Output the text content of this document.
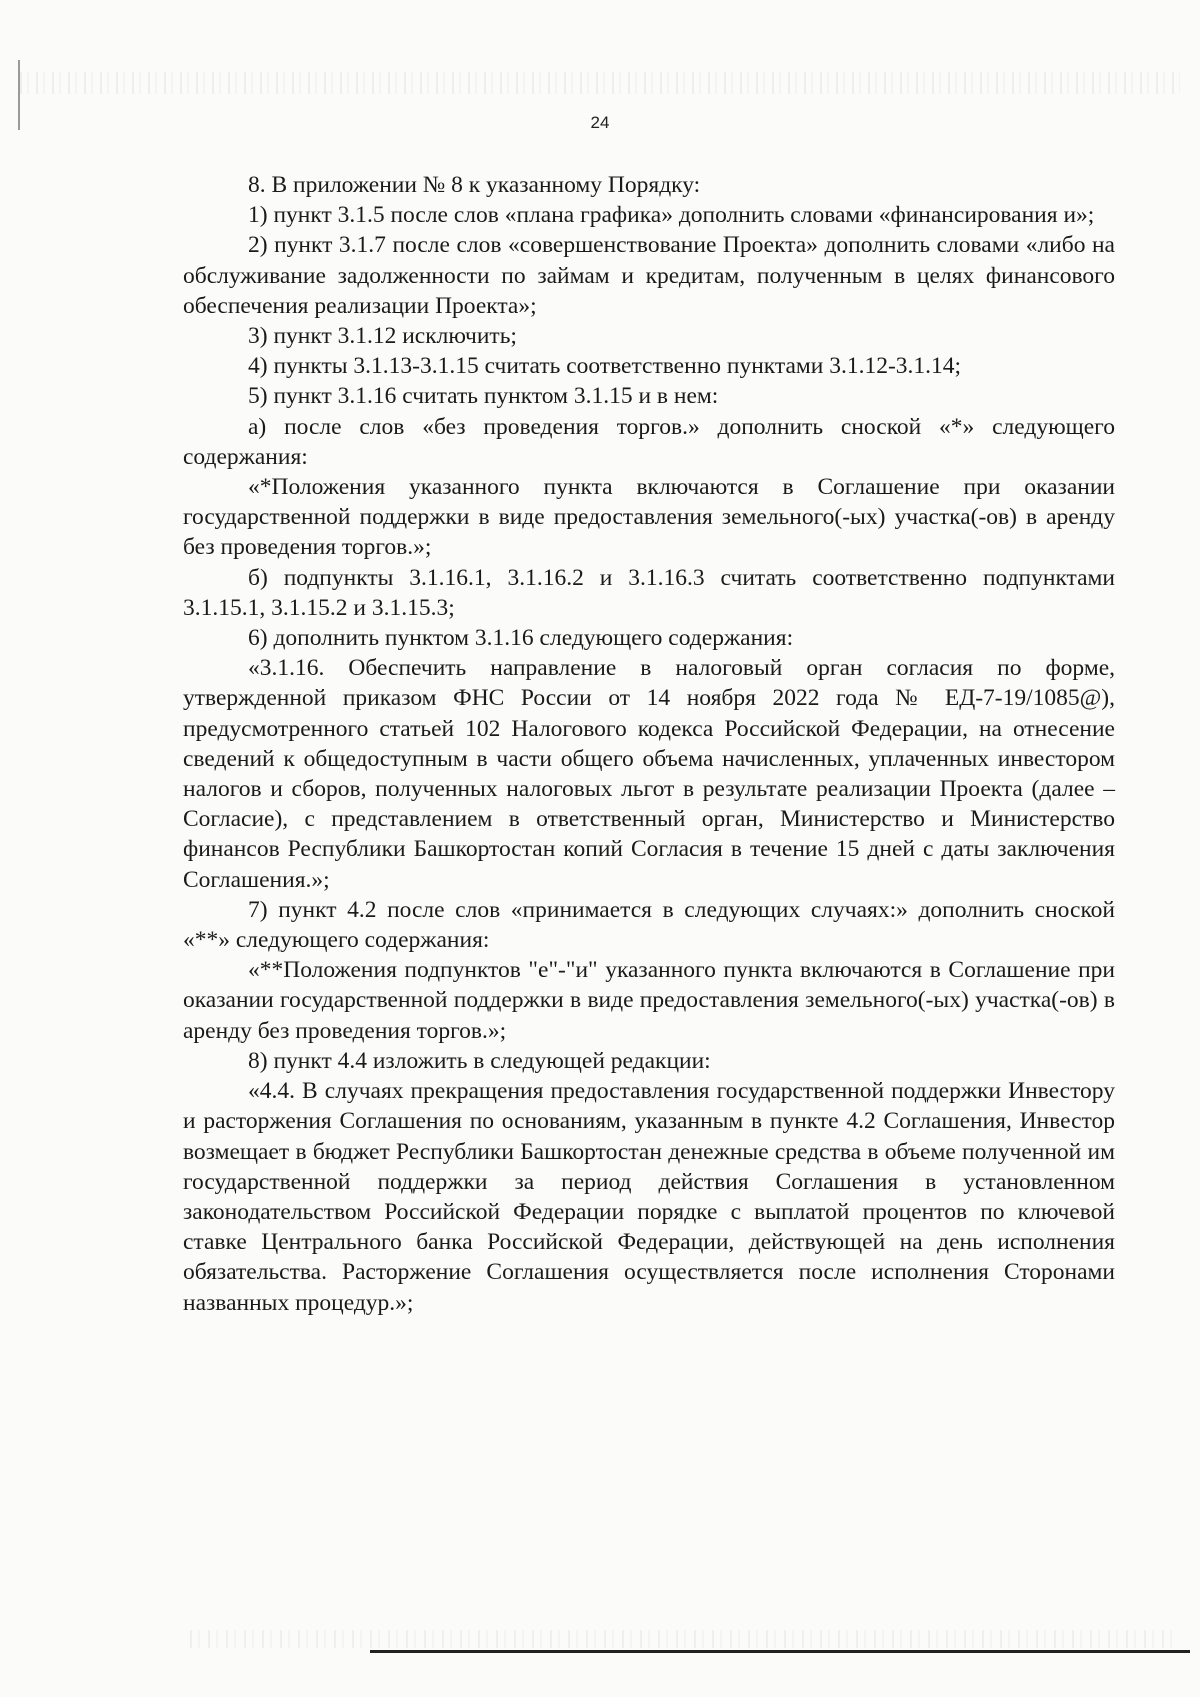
24

8. В приложении № 8 к указанному Порядку:

1) пункт 3.1.5 после слов «плана графика» дополнить словами «финансирования и»;

2) пункт 3.1.7 после слов «совершенствование Проекта» дополнить словами «либо на обслуживание задолженности по займам и кредитам, полученным в целях финансового обеспечения реализации Проекта»;

3) пункт 3.1.12 исключить;

4) пункты 3.1.13-3.1.15 считать соответственно пунктами 3.1.12-3.1.14;

5) пункт 3.1.16 считать пунктом 3.1.15 и в нем:

а) после слов «без проведения торгов.» дополнить сноской «*» следующего содержания:

«*Положения указанного пункта включаются в Соглашение при оказании государственной поддержки в виде предоставления земельного(-ых) участка(-ов) в аренду без проведения торгов.»;

б) подпункты 3.1.16.1, 3.1.16.2 и 3.1.16.3 считать соответственно подпунктами 3.1.15.1, 3.1.15.2 и 3.1.15.3;

6) дополнить пунктом 3.1.16 следующего содержания:

«3.1.16. Обеспечить направление в налоговый орган согласия по форме, утвержденной приказом ФНС России от 14 ноября 2022 года № ЕД-7-19/1085@), предусмотренного статьей 102 Налогового кодекса Российской Федерации, на отнесение сведений к общедоступным в части общего объема начисленных, уплаченных инвестором налогов и сборов, полученных налоговых льгот в результате реализации Проекта (далее – Согласие), с представлением в ответственный орган, Министерство и Министерство финансов Республики Башкортостан копий Согласия в течение 15 дней с даты заключения Соглашения.»;

7) пункт 4.2 после слов «принимается в следующих случаях:» дополнить сноской «**» следующего содержания:

«**Положения подпунктов "е"-"и" указанного пункта включаются в Соглашение при оказании государственной поддержки в виде предоставления земельного(-ых) участка(-ов) в аренду без проведения торгов.»;

8) пункт 4.4 изложить в следующей редакции:

«4.4. В случаях прекращения предоставления государственной поддержки Инвестору и расторжения Соглашения по основаниям, указанным в пункте 4.2 Соглашения, Инвестор возмещает в бюджет Республики Башкортостан денежные средства в объеме полученной им государственной поддержки за период действия Соглашения в установленном законодательством Российской Федерации порядке с выплатой процентов по ключевой ставке Центрального банка Российской Федерации, действующей на день исполнения обязательства. Расторжение Соглашения осуществляется после исполнения Сторонами названных процедур.»;
